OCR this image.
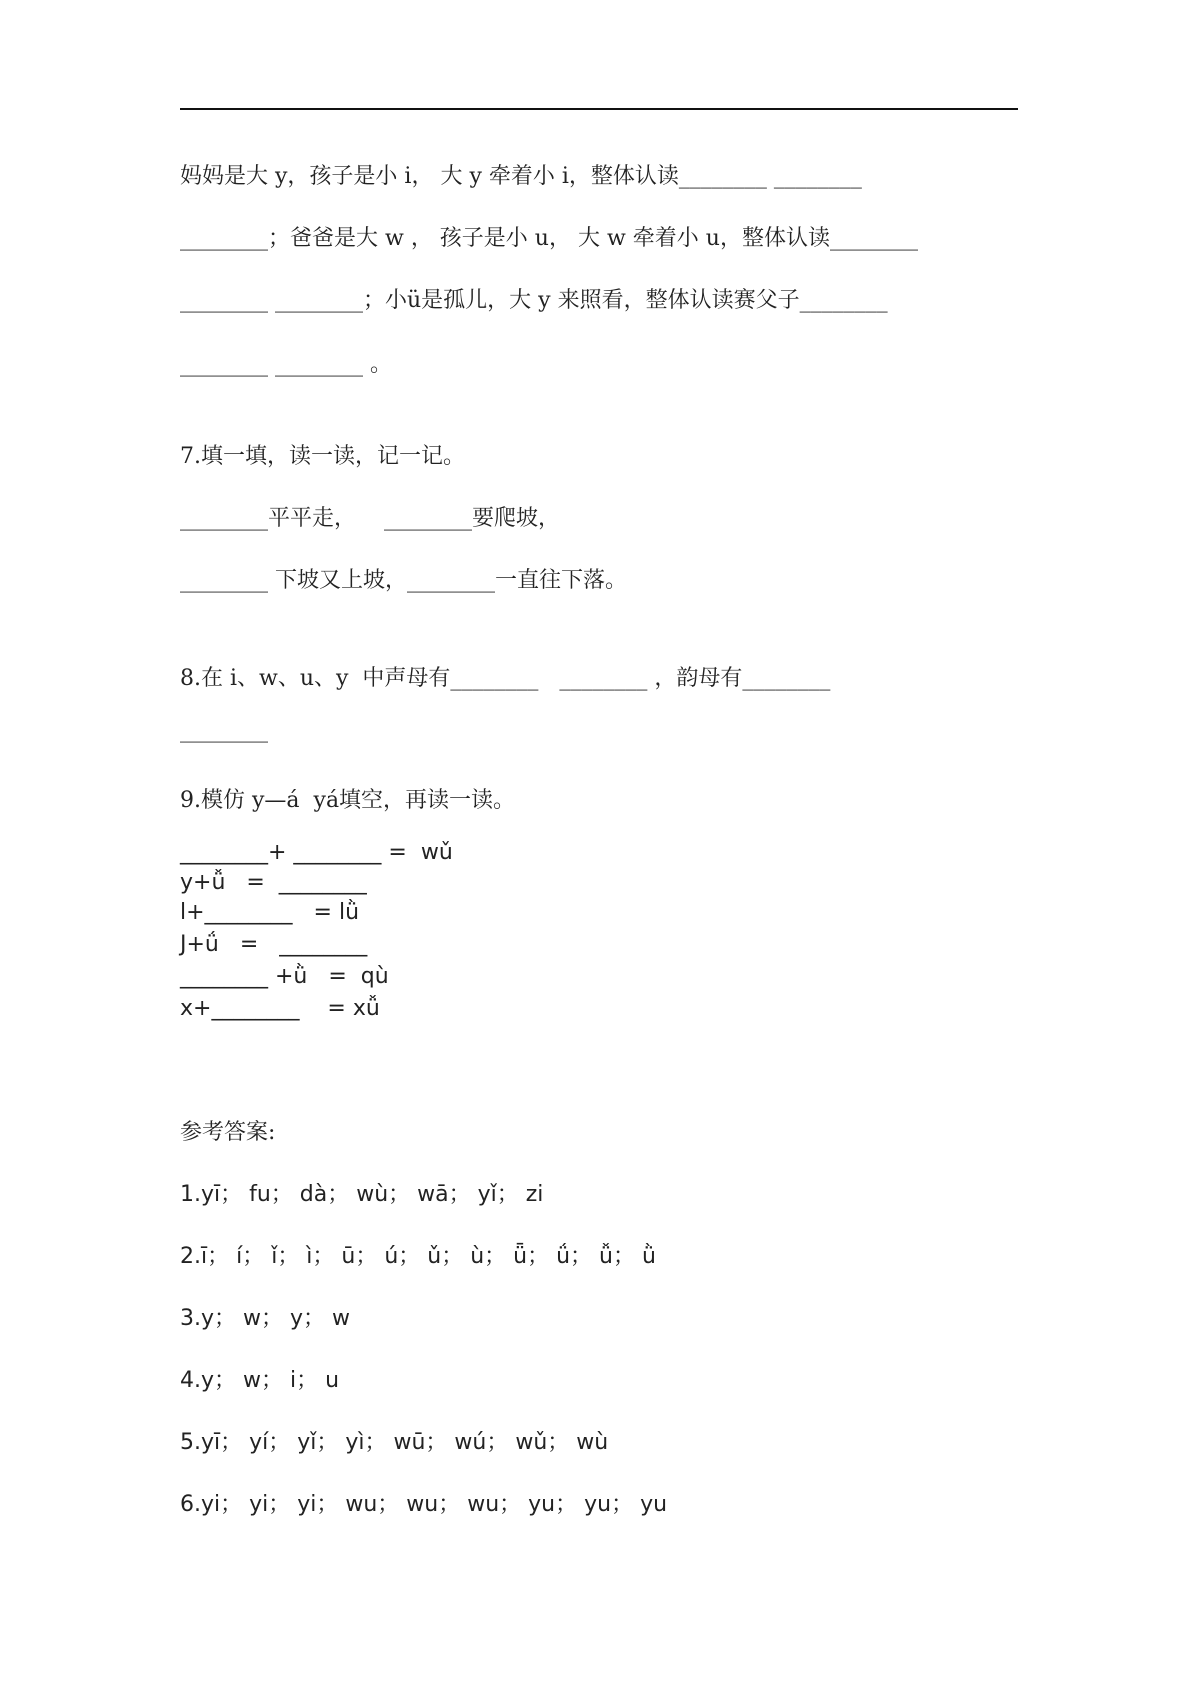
妈妈是大 y，孩子是小 i， 大 y 牵着小 i，整体认读________ ________
________；爸爸是大 w ， 孩子是小 u， 大 w 牵着小 u，整体认读________
________ ________；小ü是孤儿，大 y 来照看，整体认读赛父子________
________ ________ 。
7.填一填，读一读，记一记。
________平平走，    ________要爬坡，
________ 下坡又上坡，________一直往下落。
8.在 i、w、u、y  中声母有________   ________ ，韵母有________
________
9.模仿 y—á  yá填空，再读一读。
________+ ________ =  wǔ
y+ǚ   =  ________
l+________   = lǜ
J+ǘ   =   ________
________ +ǜ   =  qù
x+________    = xǚ
参考答案:
1.yī； fu； dà； wù； wā； yǐ； zi
2.ī； í； ǐ； ì； ū； ú； ǔ； ù； ǖ； ǘ； ǚ； ǜ
3.y； w； y； w
4.y； w； i； u
5.yī； yí； yǐ； yì； wū； wú； wǔ； wù
6.yi； yi； yi； wu； wu； wu； yu； yu； yu
